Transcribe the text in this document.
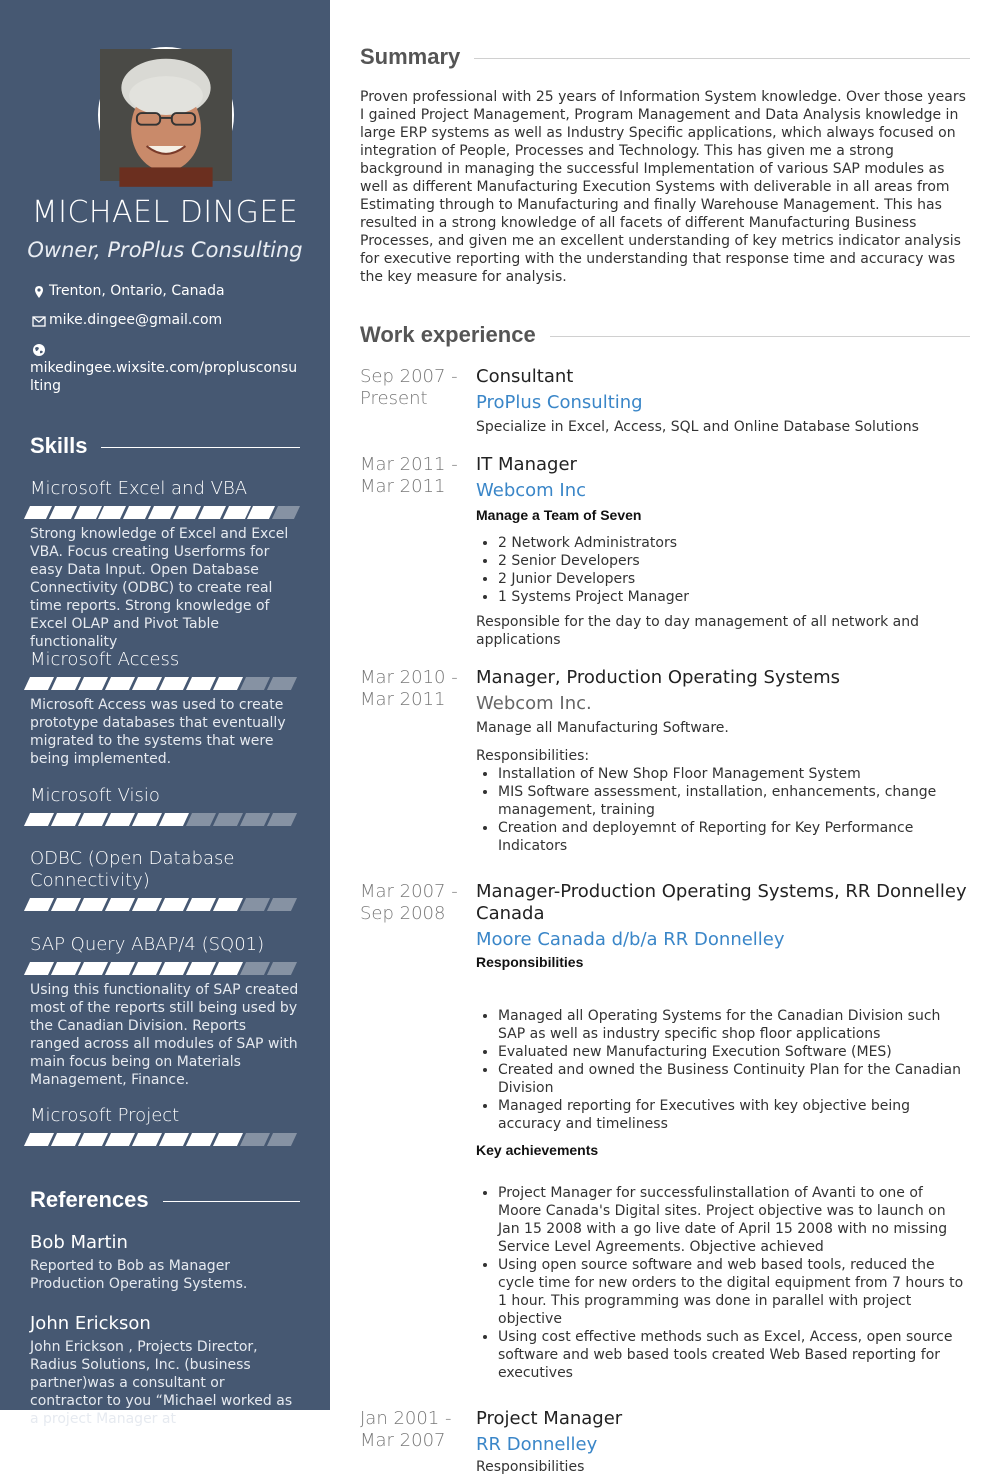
MICHAEL DINGEE
Owner, ProPlus Consulting
Trenton, Ontario, Canada
mike.dingee@gmail.com
mikedingee.wixsite.com/proplusconsulting
Skills
Microsoft Excel and VBA
Strong knowledge of Excel and Excel VBA. Focus creating Userforms for easy Data Input. Open Database Connectivity (ODBC) to create real time reports. Strong knowledge of Excel OLAP and Pivot Table functionality
Microsoft Access
Microsoft Access was used to create prototype databases that eventually migrated to the systems that were being implemented.
Microsoft Visio
ODBC (Open Database Connectivity)
SAP Query ABAP/4 (SQ01)
Using this functionality of SAP created most of the reports still being used by the Canadian Division. Reports ranged across all modules of SAP with main focus being on Materials Management, Finance.
Microsoft Project
References
Bob Martin
Reported to Bob as Manager Production Operating Systems.
John Erickson
John Erickson , Projects Director, Radius Solutions, Inc. (business partner)was a consultant or contractor to you “Michael worked as a project Manager at
Summary

Proven professional with 25 years of Information System knowledge. Over those years I gained Project Management, Program Management and Data Analysis knowledge in large ERP systems as well as Industry Specific applications, which always focused on integration of People, Processes and Technology. This has given me a strong background in managing the successful Implementation of various SAP modules as well as different Manufacturing Execution Systems with deliverable in all areas from Estimating through to Manufacturing and finally Warehouse Management. This has resulted in a strong knowledge of all facets of different Manufacturing Business Processes, and given me an excellent understanding of key metrics indicator analysis for executive reporting with the understanding that response time and accuracy was the key measure for analysis.

Work experience
Sep 2007 - Present
Consultant
ProPlus Consulting
Specialize in Excel, Access, SQL and Online Database Solutions
Mar 2011 - Mar 2011
IT Manager
Webcom Inc
Manage a Team of Seven
• 2 Network Administrators
• 2 Senior Developers
• 2 Junior Developers
• 1 Systems Project Manager
Responsible for the day to day management of all network and applications
Mar 2010 - Mar 2011
Manager, Production Operating Systems
Webcom Inc.
Manage all Manufacturing Software.
Responsibilities:
• Installation of New Shop Floor Management System
• MIS Software assessment, installation, enhancements, change management, training
• Creation and deployemnt of Reporting for Key Performance Indicators
Mar 2007 - Sep 2008
Manager-Production Operating Systems, RR Donnelley Canada
Moore Canada d/b/a RR Donnelley
Responsibilities
• Managed all Operating Systems for the Canadian Division such SAP as well as industry specific shop floor applications
• Evaluated new Manufacturing Execution Software (MES)
• Created and owned the Business Continuity Plan for the Canadian Division
• Managed reporting for Executives with key objective being accuracy and timeliness
Key achievements
• Project Manager for successfulinstallation of Avanti to one of Moore Canada's Digital sites. Project objective was to launch on Jan 15 2008 with a go live date of April 15 2008 with no missing Service Level Agreements. Objective achieved
• Using open source software and web based tools, reduced the cycle time for new orders to the digital equipment from 7 hours to 1 hour. This programming was done in parallel with project objective
• Using cost effective methods such as Excel, Access, open source software and web based tools created Web Based reporting for executives
Jan 2001 - Mar 2007
Project Manager
RR Donnelley
Responsibilities
